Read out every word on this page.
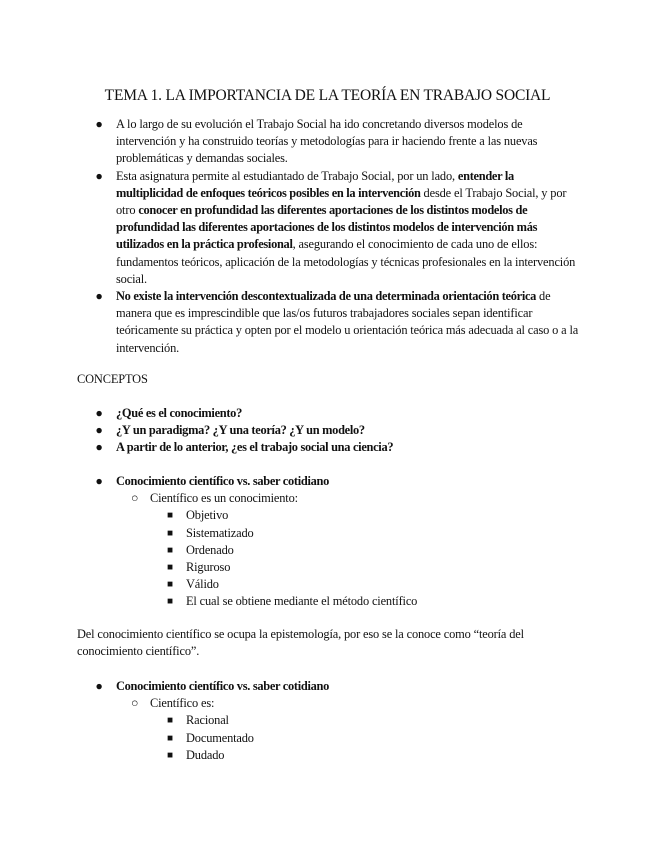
TEMA 1. LA IMPORTANCIA DE LA TEORÍA EN TRABAJO SOCIAL
● A lo largo de su evolución el Trabajo Social ha ido concretando diversos modelos de intervención y ha construido teorías y metodologías para ir haciendo frente a las nuevas problemáticas y demandas sociales.
● Esta asignatura permite al estudiantado de Trabajo Social, por un lado, entender la multiplicidad de enfoques teóricos posibles en la intervención desde el Trabajo Social, y por otro conocer en profundidad las diferentes aportaciones de los distintos modelos de profundidad las diferentes aportaciones de los distintos modelos de intervención más utilizados en la práctica profesional, asegurando el conocimiento de cada uno de ellos: fundamentos teóricos, aplicación de la metodologías y técnicas profesionales en la intervención social.
● No existe la intervención descontextualizada de una determinada orientación teórica de manera que es imprescindible que las/os futuros trabajadores sociales sepan identificar teóricamente su práctica y opten por el modelo u orientación teórica más adecuada al caso o a la intervención.
CONCEPTOS
● ¿Qué es el conocimiento?
● ¿Y un paradigma? ¿Y una teoría? ¿Y un modelo?
● A partir de lo anterior, ¿es el trabajo social una ciencia?
● Conocimiento científico vs. saber cotidiano
○ Científico es un conocimiento:
■ Objetivo
■ Sistematizado
■ Ordenado
■ Riguroso
■ Válido
■ El cual se obtiene mediante el método científico
Del conocimiento científico se ocupa la epistemología, por eso se la conoce como “teoría del conocimiento científico”.
● Conocimiento científico vs. saber cotidiano
○ Científico es:
■ Racional
■ Documentado
■ Dudado
